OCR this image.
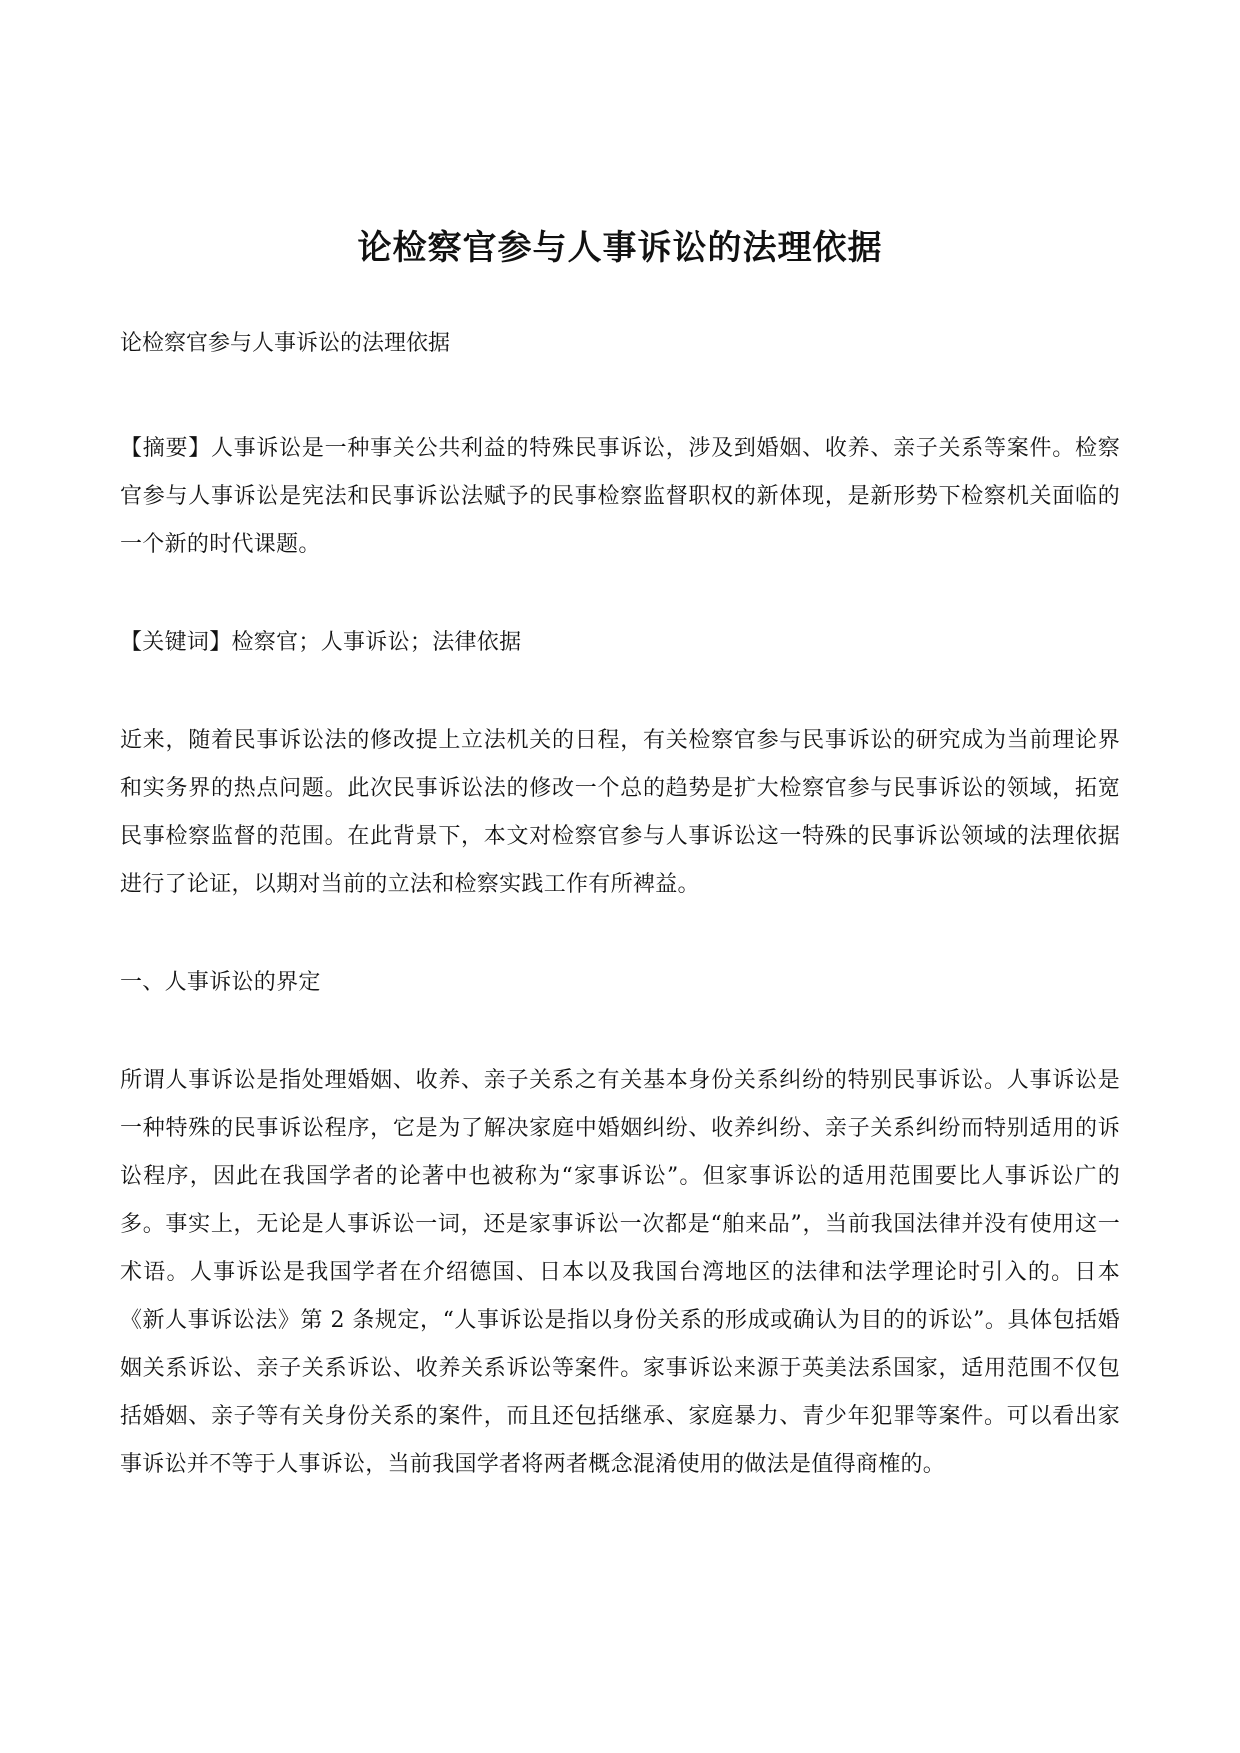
论检察官参与人事诉讼的法理依据

论检察官参与人事诉讼的法理依据

【摘要】人事诉讼是一种事关公共利益的特殊民事诉讼，涉及到婚姻、收养、亲子关系等案件。检察官参与人事诉讼是宪法和民事诉讼法赋予的民事检察监督职权的新体现，是新形势下检察机关面临的一个新的时代课题。

【关键词】检察官；人事诉讼；法律依据

近来，随着民事诉讼法的修改提上立法机关的日程，有关检察官参与民事诉讼的研究成为当前理论界和实务界的热点问题。此次民事诉讼法的修改一个总的趋势是扩大检察官参与民事诉讼的领域，拓宽民事检察监督的范围。在此背景下，本文对检察官参与人事诉讼这一特殊的民事诉讼领域的法理依据进行了论证，以期对当前的立法和检察实践工作有所裨益。

一、人事诉讼的界定

所谓人事诉讼是指处理婚姻、收养、亲子关系之有关基本身份关系纠纷的特别民事诉讼。人事诉讼是一种特殊的民事诉讼程序，它是为了解决家庭中婚姻纠纷、收养纠纷、亲子关系纠纷而特别适用的诉讼程序，因此在我国学者的论著中也被称为“家事诉讼”。但家事诉讼的适用范围要比人事诉讼广的多。事实上，无论是人事诉讼一词，还是家事诉讼一次都是“舶来品”，当前我国法律并没有使用这一术语。人事诉讼是我国学者在介绍德国、日本以及我国台湾地区的法律和法学理论时引入的。日本《新人事诉讼法》第 2 条规定，“人事诉讼是指以身份关系的形成或确认为目的的诉讼”。具体包括婚姻关系诉讼、亲子关系诉讼、收养关系诉讼等案件。家事诉讼来源于英美法系国家，适用范围不仅包括婚姻、亲子等有关身份关系的案件，而且还包括继承、家庭暴力、青少年犯罪等案件。可以看出家事诉讼并不等于人事诉讼，当前我国学者将两者概念混淆使用的做法是值得商榷的。
